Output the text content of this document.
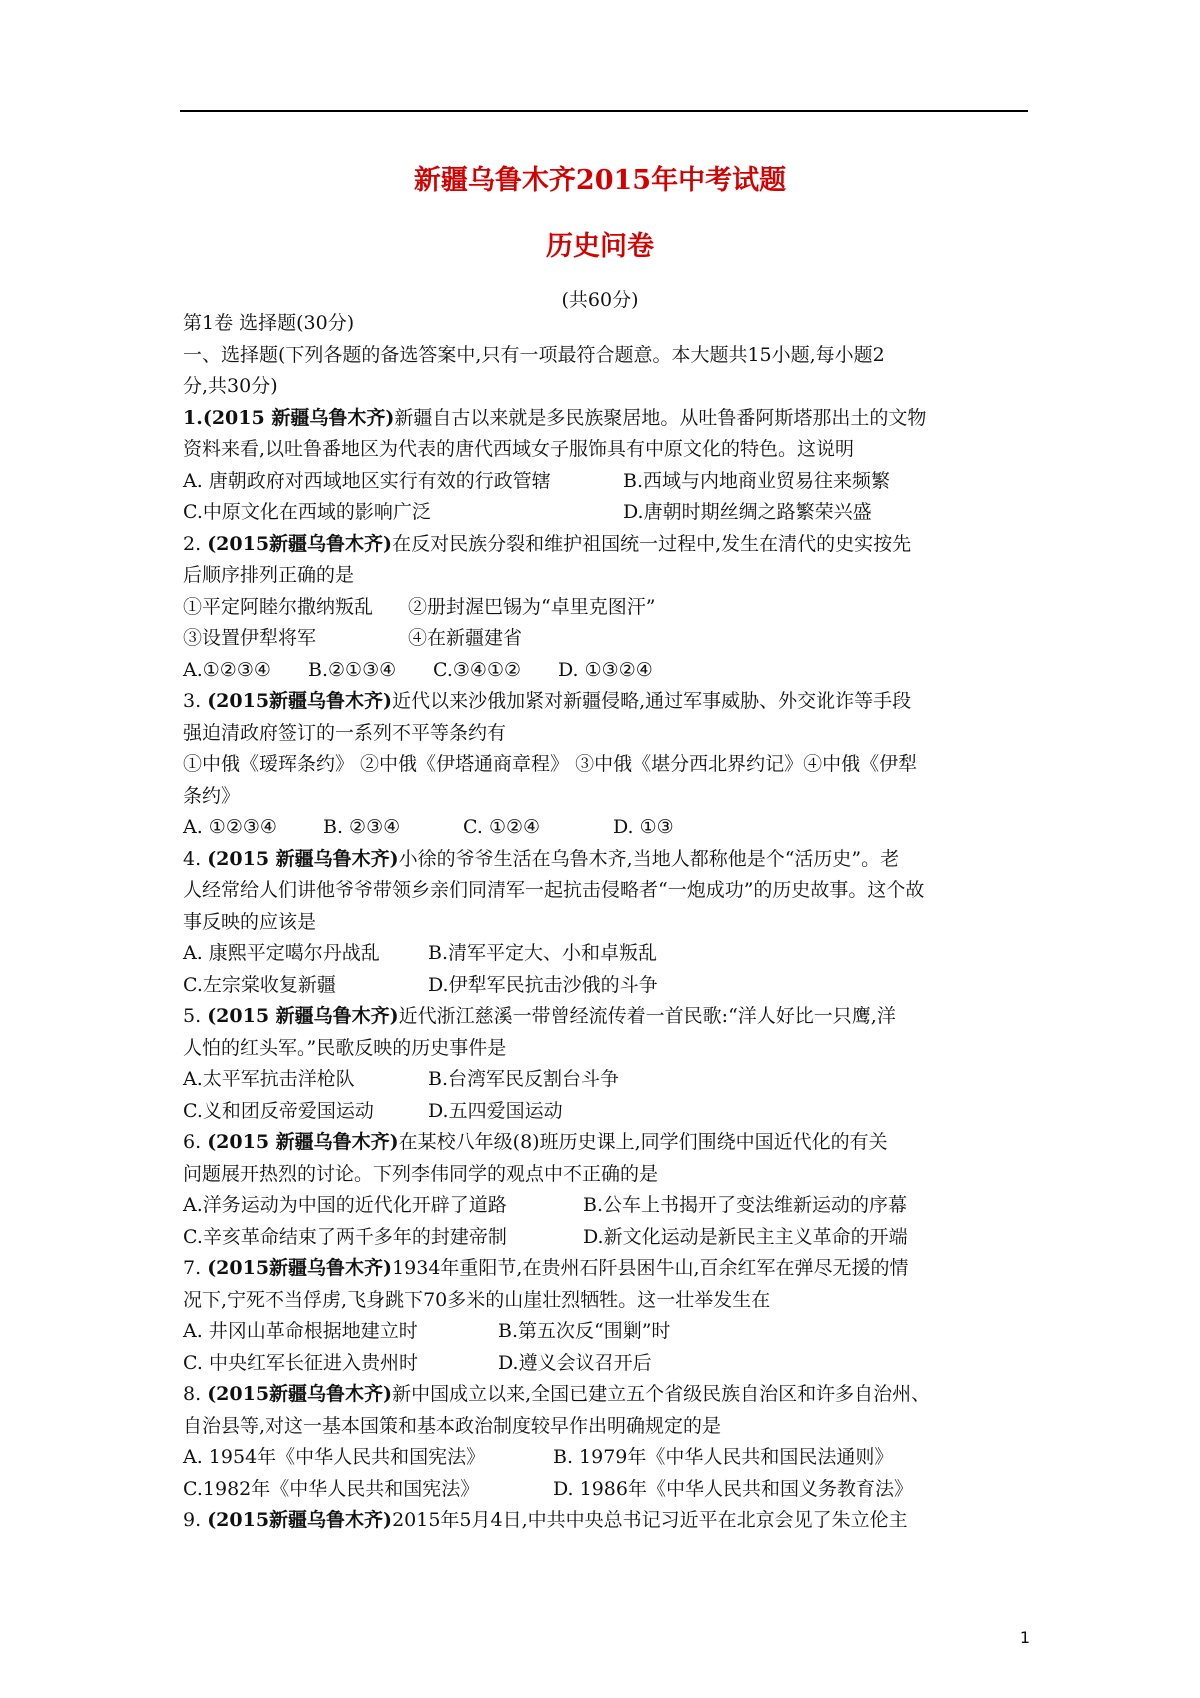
新疆乌鲁木齐2015年中考试题
历史问卷
(共60分)
第1卷 选择题(30分)
一、选择题(下列各题的备选答案中,只有一项最符合题意。本大题共15小题,每小题2
分,共30分)
1.(2015 新疆乌鲁木齐)新疆自古以来就是多民族聚居地。从吐鲁番阿斯塔那出土的文物
资料来看,以吐鲁番地区为代表的唐代西域女子服饰具有中原文化的特色。这说明
A. 唐朝政府对西域地区实行有效的行政管辖	B.西域与内地商业贸易往来频繁
C.中原文化在西域的影响广泛	D.唐朝时期丝绸之路繁荣兴盛
2. (2015新疆乌鲁木齐)在反对民族分裂和维护祖国统一过程中,发生在清代的史实按先
后顺序排列正确的是
①平定阿睦尔撒纳叛乱	②册封渥巴锡为“卓里克图汗”
③设置伊犁将军	④在新疆建省
A.①②③④	B.②①③④	C.③④①②	D. ①③②④
3. (2015新疆乌鲁木齐)近代以来沙俄加紧对新疆侵略,通过军事威胁、外交讹诈等手段
强迫清政府签订的一系列不平等条约有
①中俄《瑷珲条约》 ②中俄《伊塔通商章程》 ③中俄《堪分西北界约记》④中俄《伊犁
条约》
A. ①②③④	B. ②③④	C. ①②④	D. ①③
4. (2015 新疆乌鲁木齐)小徐的爷爷生活在乌鲁木齐,当地人都称他是个“活历史”。老
人经常给人们讲他爷爷带领乡亲们同清军一起抗击侵略者“一炮成功”的历史故事。这个故
事反映的应该是
A. 康熙平定噶尔丹战乱	B.清军平定大、小和卓叛乱
C.左宗棠收复新疆	D.伊犁军民抗击沙俄的斗争
5. (2015 新疆乌鲁木齐)近代浙江慈溪一带曾经流传着一首民歌:“洋人好比一只鹰,洋
人怕的红头军。”民歌反映的历史事件是
A.太平军抗击洋枪队	B.台湾军民反割台斗争
C.义和团反帝爱国运动	D.五四爱国运动
6. (2015 新疆乌鲁木齐)在某校八年级(8)班历史课上,同学们围绕中国近代化的有关
问题展开热烈的讨论。下列李伟同学的观点中不正确的是
A.洋务运动为中国的近代化开辟了道路	B.公车上书揭开了变法维新运动的序幕
C.辛亥革命结束了两千多年的封建帝制	D.新文化运动是新民主主义革命的开端
7. (2015新疆乌鲁木齐)1934年重阳节,在贵州石阡县困牛山,百余红军在弹尽无援的情
况下,宁死不当俘虏,飞身跳下70多米的山崖壮烈牺牲。这一壮举发生在
A. 井冈山革命根据地建立时	B.第五次反“围剿”时
C. 中央红军长征进入贵州时	D.遵义会议召开后
8. (2015新疆乌鲁木齐)新中国成立以来,全国已建立五个省级民族自治区和许多自治州、
自治县等,对这一基本国策和基本政治制度较早作出明确规定的是
A. 1954年《中华人民共和国宪法》	B. 1979年《中华人民共和国民法通则》
C.1982年《中华人民共和国宪法》	D. 1986年《中华人民共和国义务教育法》
9. (2015新疆乌鲁木齐)2015年5月4日,中共中央总书记习近平在北京会见了朱立伦主
1
